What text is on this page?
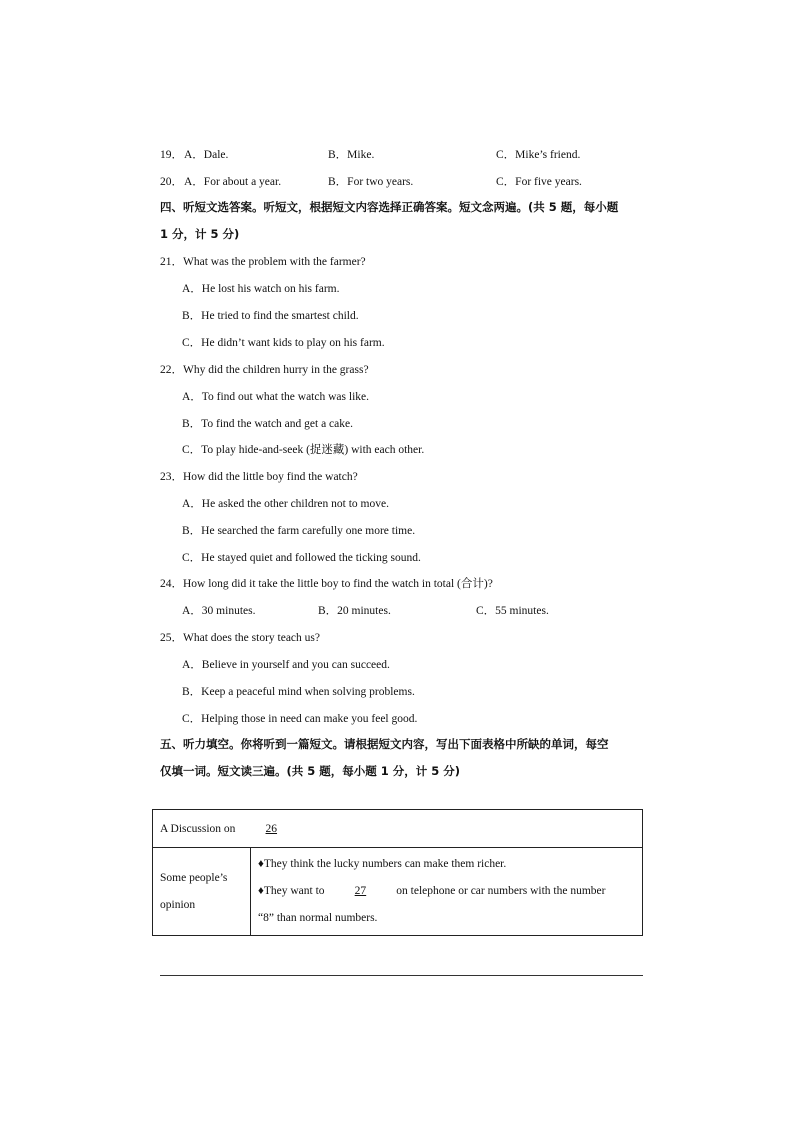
19． A．Dale.	B．Mike.	C．Mike’s friend.
20． A．For about a year.	B．For two years.	C．For five years.
四、听短文选答案。听短文，根据短文内容选择正确答案。短文念两遍。(共 5 题，每小题
1 分，计 5 分)
21．What was the problem with the farmer?
A．He lost his watch on his farm.
B．He tried to find the smartest child.
C．He didn’t want kids to play on his farm.
22．Why did the children hurry in the grass?
A．To find out what the watch was like.
B．To find the watch and get a cake.
C．To play hide-and-seek (捉迷藏) with each other.
23．How did the little boy find the watch?
A．He asked the other children not to move.
B．He searched the farm carefully one more time.
C．He stayed quiet and followed the ticking sound.
24．How long did it take the little boy to find the watch in total (合计)?
A．30 minutes.	B．20 minutes.	C．55 minutes.
25．What does the story teach us?
A．Believe in yourself and you can succeed.
B．Keep a peaceful mind when solving problems.
C．Helping those in need can make you feel good.
五、听力填空。你将听到一篇短文。请根据短文内容，写出下面表格中所缺的单词，每空
仅填一词。短文读三遍。(共 5 题，每小题 1 分，计 5 分)
A Discussion on	26

Some people’s
opinion

♦They think the lucky numbers can make them richer.
♦They want to	27	on telephone or car numbers with the number
“8” than normal numbers.
